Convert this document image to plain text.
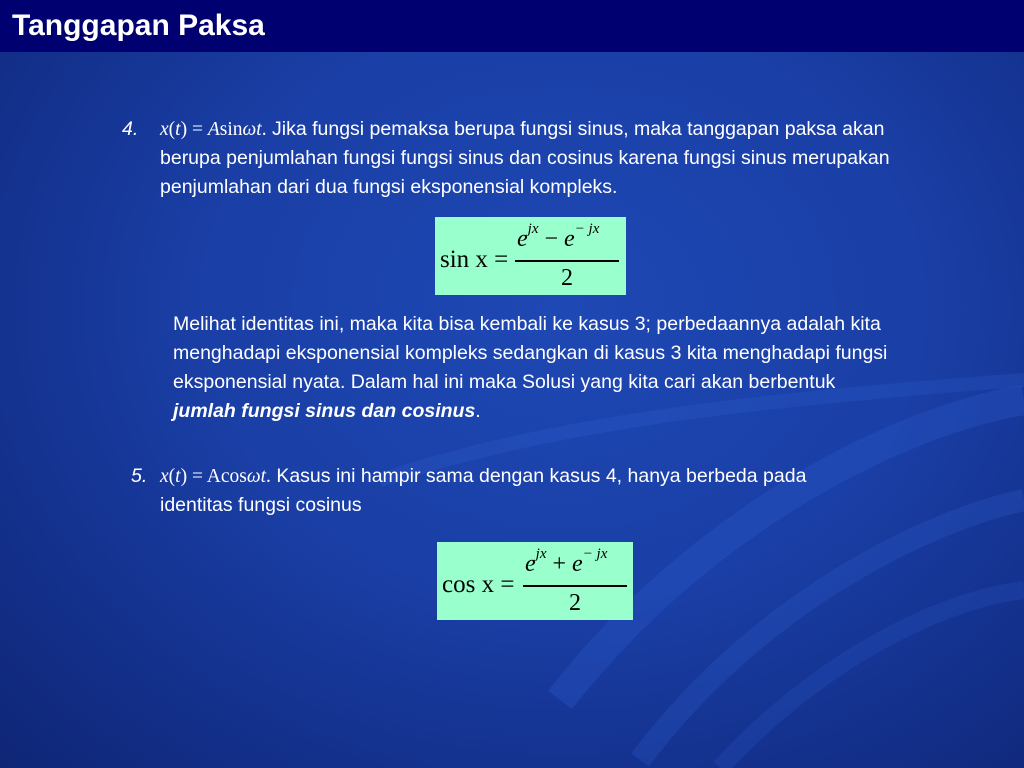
Tanggapan Paksa
4. x(t) = Asinωt. Jika fungsi pemaksa berupa fungsi sinus, maka tanggapan paksa akan berupa penjumlahan fungsi fungsi sinus dan cosinus karena fungsi sinus merupakan penjumlahan dari dua fungsi eksponensial kompleks.

sin x =
$e^{jx} - e^{- jx}$
2

Melihat identitas ini, maka kita bisa kembali ke kasus 3; perbedaannya adalah kita menghadapi eksponensial kompleks sedangkan di kasus 3 kita menghadapi fungsi eksponensial nyata. Dalam hal ini maka Solusi yang kita cari akan berbentuk jumlah fungsi sinus dan cosinus.

5. x(t) = Acosωt. Kasus ini hampir sama dengan kasus 4, hanya berbeda pada identitas fungsi cosinus

cos x =
$e^{jx} + e^{- jx}$
2
